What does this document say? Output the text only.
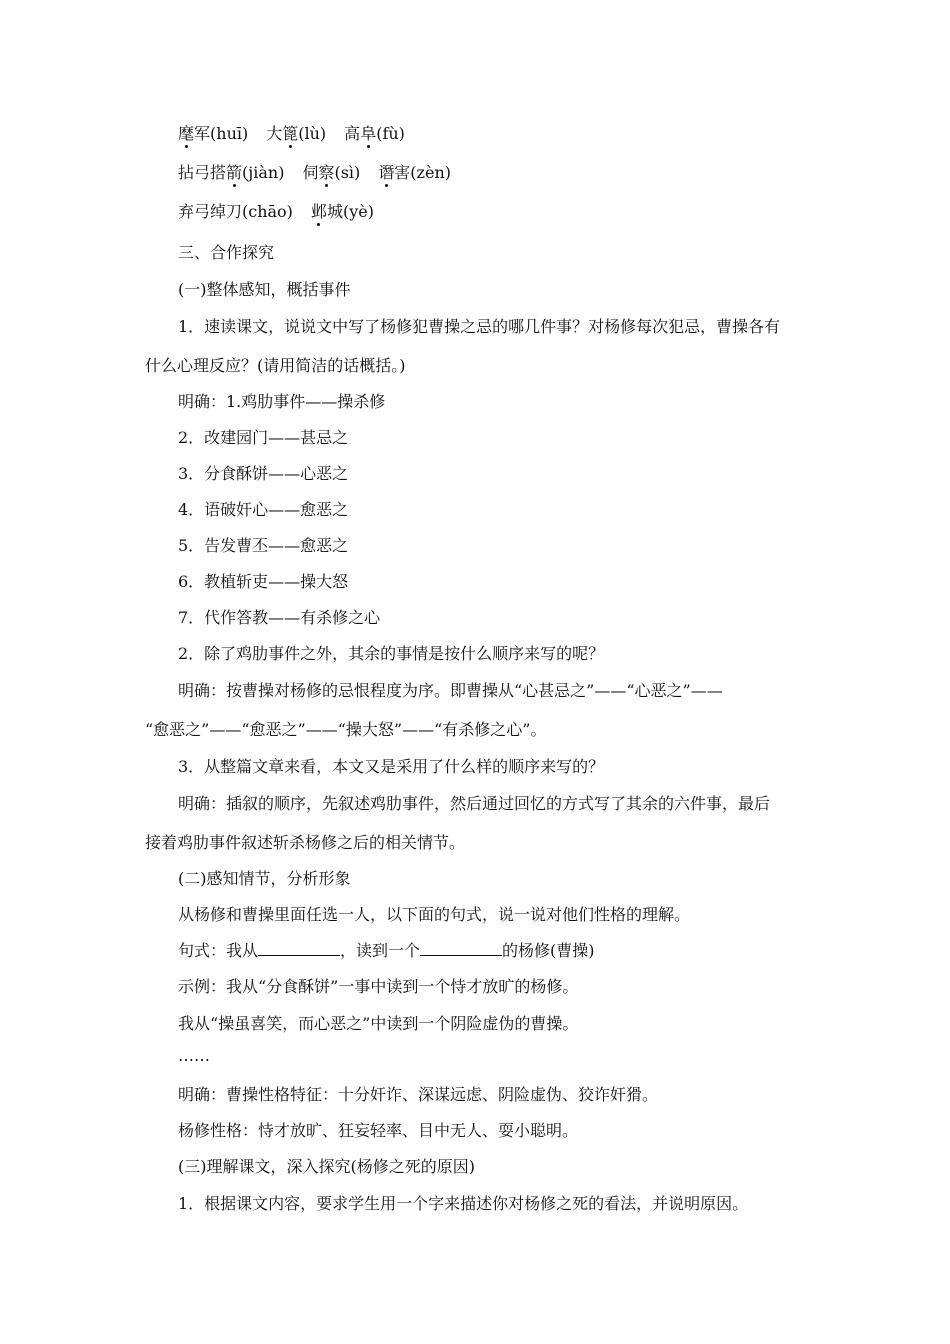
麾军(huī) 大篦(lù) 高阜(fù)
拈弓搭箭(jiàn) 伺察(sì) 谮害(zèn)
弃弓绰刀(chāo) 邺城(yè)
三、合作探究
(一)整体感知，概括事件
1．速读课文，说说文中写了杨修犯曹操之忌的哪几件事？对杨修每次犯忌，曹操各有
什么心理反应？(请用简洁的话概括。)
明确：1.鸡肋事件——操杀修
2．改建园门——甚忌之
3．分食酥饼——心恶之
4．语破奸心——愈恶之
5．告发曹丕——愈恶之
6．教植斩吏——操大怒
7．代作答教——有杀修之心
2．除了鸡肋事件之外，其余的事情是按什么顺序来写的呢？
明确：按曹操对杨修的忌恨程度为序。即曹操从“心甚忌之”——“心恶之”——
“愈恶之”——“愈恶之”——“操大怒”——“有杀修之心”。
3．从整篇文章来看，本文又是采用了什么样的顺序来写的？
明确：插叙的顺序，先叙述鸡肋事件，然后通过回忆的方式写了其余的六件事，最后
接着鸡肋事件叙述斩杀杨修之后的相关情节。
(二)感知情节，分析形象
从杨修和曹操里面任选一人，以下面的句式，说一说对他们性格的理解。
句式：我从	，读到一个	的杨修(曹操)
示例：我从“分食酥饼”一事中读到一个恃才放旷的杨修。
我从“操虽喜笑，而心恶之”中读到一个阴险虚伪的曹操。
……
明确：曹操性格特征：十分奸诈、深谋远虑、阴险虚伪、狡诈奸猾。
杨修性格：恃才放旷、狂妄轻率、目中无人、耍小聪明。
(三)理解课文，深入探究(杨修之死的原因)
1．根据课文内容，要求学生用一个字来描述你对杨修之死的看法，并说明原因。
